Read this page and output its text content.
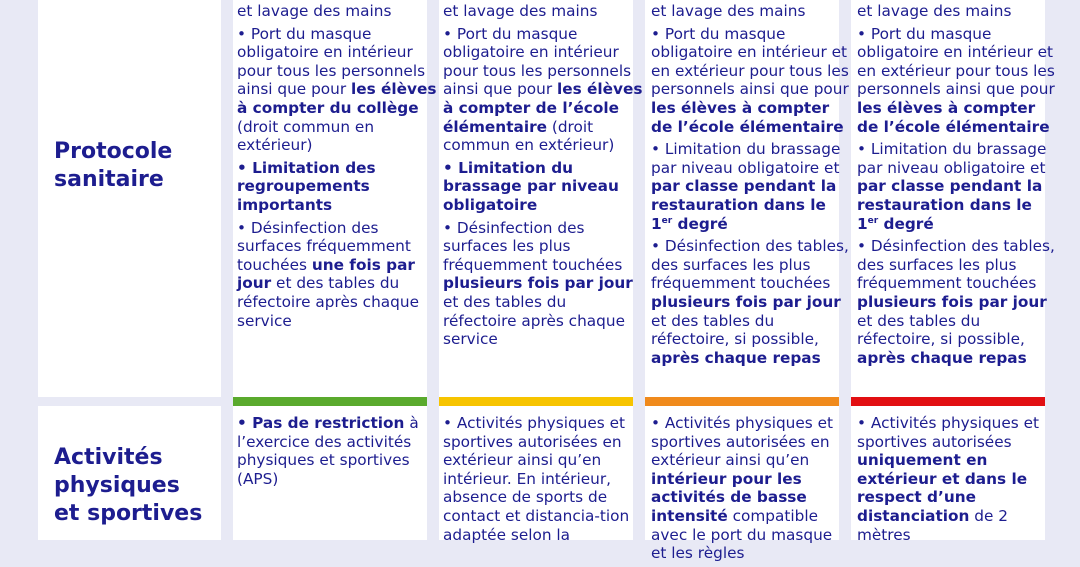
Protocole
sanitaire
Activités
physiques
et sportives

et lavage des mains

• Port du masque obligatoire en intérieur pour tous les personnels ainsi que pour les élèves à compter du collège (droit commun en extérieur)

• Limitation des regroupements importants

• Désinfection des surfaces fréquemment touchées une fois par jour et des tables du réfectoire après chaque service

et lavage des mains

• Port du masque obligatoire en intérieur pour tous les personnels ainsi que pour les élèves à compter de l’école élémentaire (droit commun en extérieur)

• Limitation du brassage par niveau obligatoire

• Désinfection des surfaces les plus fréquemment touchées plusieurs fois par jour et des tables du réfectoire après chaque service

et lavage des mains

• Port du masque obligatoire en intérieur et en extérieur pour tous les personnels ainsi que pour les élèves à compter de l’école élémentaire

• Limitation du brassage par niveau obligatoire et par classe pendant la restauration dans le 1er degré

• Désinfection des tables, des surfaces les plus fréquemment touchées plusieurs fois par jour et des tables du réfectoire, si possible, après chaque repas

et lavage des mains

• Port du masque obligatoire en intérieur et en extérieur pour tous les personnels ainsi que pour les élèves à compter de l’école élémentaire

• Limitation du brassage par niveau obligatoire et par classe pendant la restauration dans le 1er degré

• Désinfection des tables, des surfaces les plus fréquemment touchées plusieurs fois par jour et des tables du réfectoire, si possible, après chaque repas

• Pas de restriction à l’exercice des activités physiques et sportives (APS)

• Activités physiques et sportives autorisées en extérieur ainsi qu’en intérieur. En intérieur, absence de sports de contact et distancia-tion adaptée selon la

• Activités physiques et sportives autorisées en extérieur ainsi qu’en intérieur pour les activités de basse intensité compatible avec le port du masque et les règles

• Activités physiques et sportives autorisées uniquement en extérieur et dans le respect d’une distanciation de 2 mètres
